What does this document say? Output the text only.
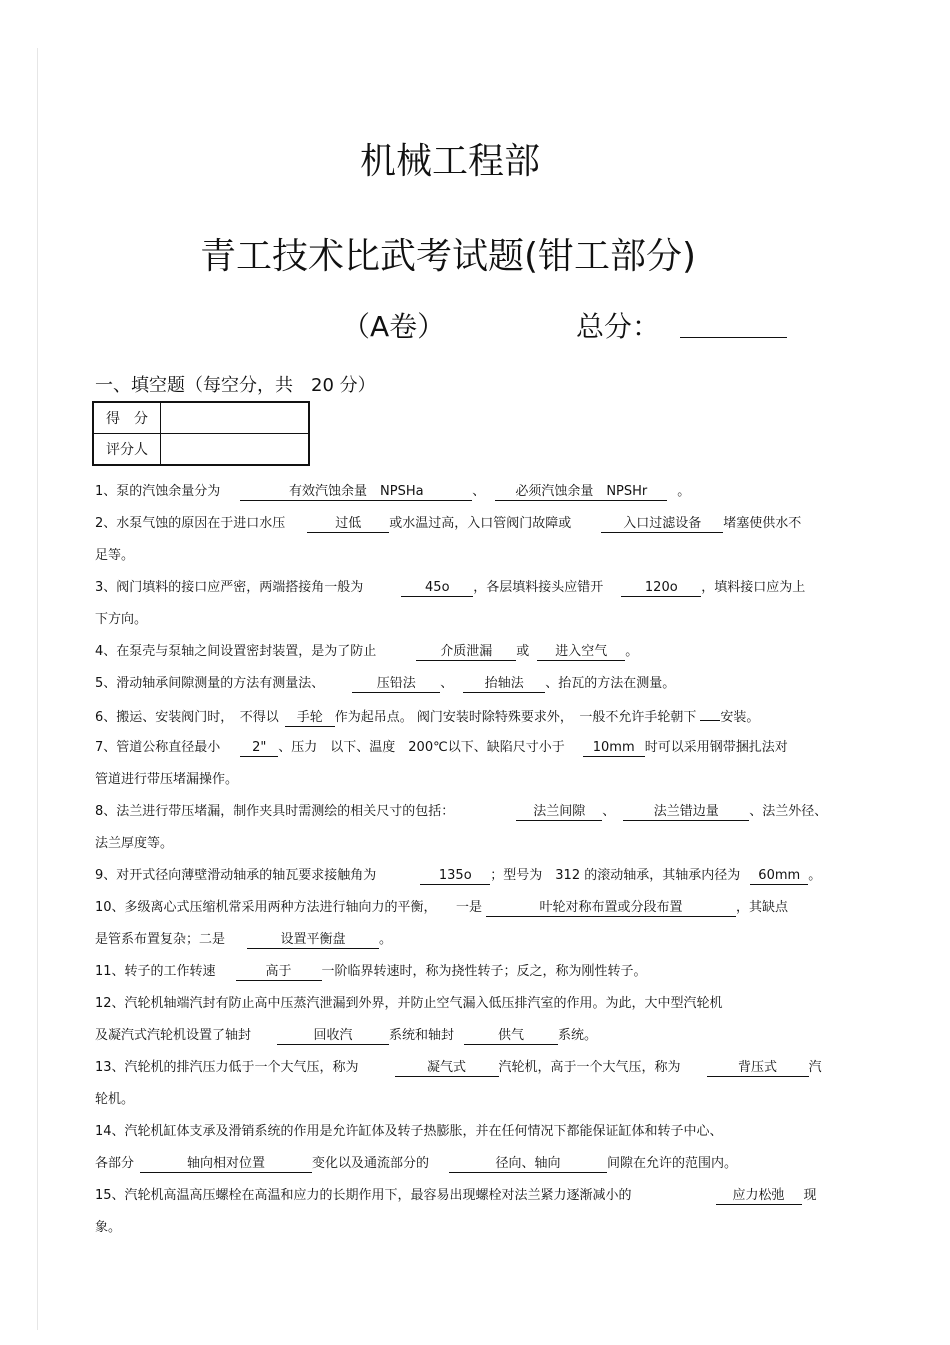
机械工程部
青工技术比武考试题(钳工部分)
（A卷）	总分：
一、填空题（每空分，共　20 分）
得　分	
评分人	
1、泵的汽蚀余量分为	有效汽蚀余量　NPSHa	、 必须汽蚀余量　NPSHr 。
2、水泵气蚀的原因在于进口水压	过低 或水温过高，入口管阀门故障或	入口过滤设备 堵塞使供水不
足等。
3、阀门填料的接口应严密，两端搭接角一般为	45o ，各层填料接头应错开	120o ，填料接口应为上
下方向。
4、在泵壳与泵轴之间设置密封装置，是为了防止	介质泄漏 或 进入空气 。
5、滑动轴承间隙测量的方法有测量法、	压铅法 、 抬轴法 、抬瓦的方法在测量。
6、搬运、安装阀门时，　不得以 手轮 作为起吊点。 阀门安装时除特殊要求外，　一般不允许手轮朝下 安装。
7、管道公称直径最小 2" 、压力　以下、温度　200℃以下、缺陷尺寸小于 10mm 时可以采用钢带捆扎法对
管道进行带压堵漏操作。
8、法兰进行带压堵漏，制作夹具时需测绘的相关尺寸的包括：	法兰间隙 、	法兰错边量 、法兰外径、
法兰厚度等。
9、对开式径向薄壁滑动轴承的轴瓦要求接触角为	135o ；型号为　312 的滚动轴承，其轴承内径为 60mm 。
10、多级离心式压缩机常采用两种方法进行轴向力的平衡，　　一是	叶轮对称布置或分段布置	，其缺点
是管系布置复杂；二是	设置平衡盘	。
11、转子的工作转速	高于 一阶临界转速时，称为挠性转子；反之，称为刚性转子。
12、汽轮机轴端汽封有防止高中压蒸汽泄漏到外界，并防止空气漏入低压排汽室的作用。为此，大中型汽轮机
及凝汽式汽轮机设置了轴封	回收汽	系统和轴封	供气	系统。
13、汽轮机的排汽压力低于一个大气压，称为	凝气式	汽轮机，高于一个大气压，称为	背压式 汽
轮机。
14、汽轮机缸体支承及滑销系统的作用是允许缸体及转子热膨胀，并在任何情况下都能保证缸体和转子中心、
各部分	轴向相对位置	变化以及通流部分的	径向、轴向	间隙在允许的范围内。
15、汽轮机高温高压螺栓在高温和应力的长期作用下，最容易出现螺栓对法兰紧力逐渐减小的	应力松弛 现
象。
